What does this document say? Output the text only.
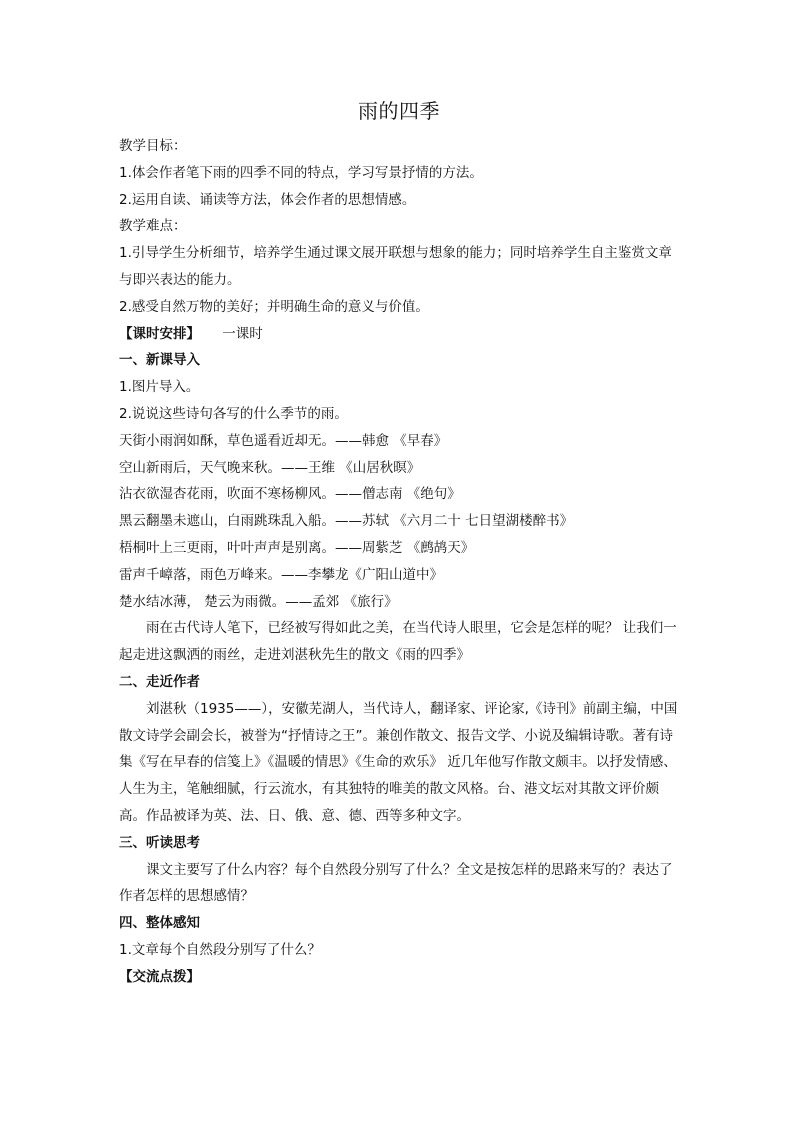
雨的四季
教学目标：
1.体会作者笔下雨的四季不同的特点，学习写景抒情的方法。
2.运用自读、诵读等方法，体会作者的思想情感。
教学难点：
1.引导学生分析细节，培养学生通过课文展开联想与想象的能力；同时培养学生自主鉴赏文章与即兴表达的能力。
2.感受自然万物的美好；并明确生命的意义与价值。
【课时安排】 一课时
一、新课导入
1.图片导入。
2.说说这些诗句各写的什么季节的雨。
天街小雨润如酥，草色遥看近却无。——韩愈 《早春》
空山新雨后，天气晚来秋。——王维 《山居秋暝》
沾衣欲湿杏花雨，吹面不寒杨柳风。——僧志南 《绝句》
黑云翻墨未遮山，白雨跳珠乱入船。——苏轼 《六月二十 七日望湖楼醉书》
梧桐叶上三更雨，叶叶声声是别离。——周紫芝 《鹧鸪天》
雷声千嶂落，雨色万峰来。——李攀龙《广阳山道中》
楚水结冰薄， 楚云为雨微。——孟郊 《旅行》
雨在古代诗人笔下，已经被写得如此之美，在当代诗人眼里，它会是怎样的呢？ 让我们一起走进这飘洒的雨丝，走进刘湛秋先生的散文《雨的四季》
二、走近作者
刘湛秋（1935——），安徽芜湖人，当代诗人，翻译家、评论家,《诗刊》前副主编，中国散文诗学会副会长，被誉为“抒情诗之王”。兼创作散文、报告文学、小说及编辑诗歌。著有诗集《写在早春的信笺上》《温暖的情思》《生命的欢乐》 近几年他写作散文颇丰。以抒发情感、人生为主，笔触细腻，行云流水，有其独特的唯美的散文风格。台、港文坛对其散文评价颇高。作品被译为英、法、日、俄、意、德、西等多种文字。
三、听读思考
课文主要写了什么内容？每个自然段分别写了什么？全文是按怎样的思路来写的？表达了作者怎样的思想感情？
四、整体感知
1.文章每个自然段分别写了什么？
【交流点拨】
